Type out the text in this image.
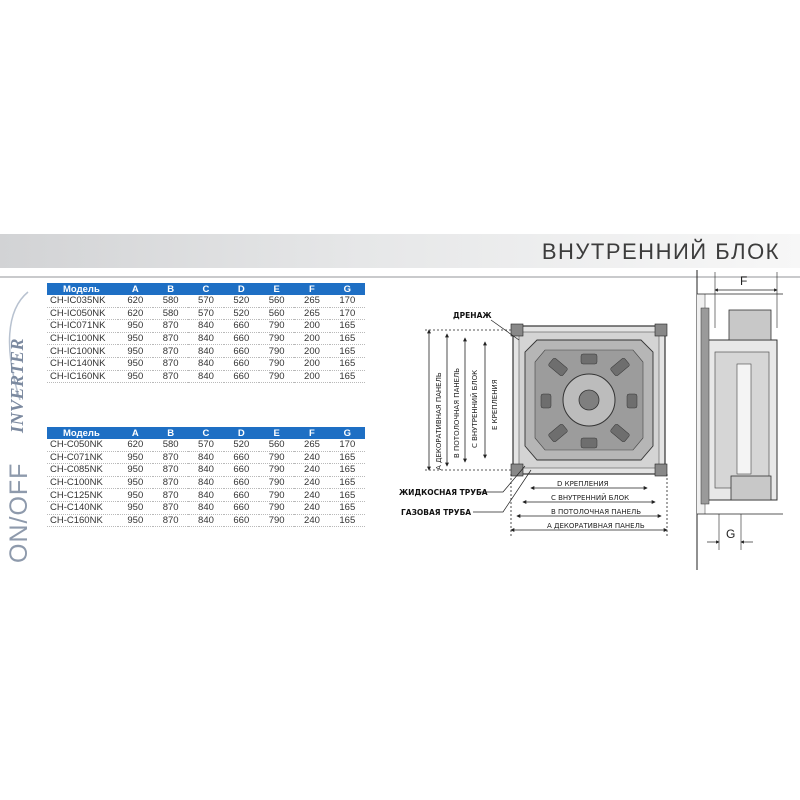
ВНУТРЕННИЙ БЛОК
INVERTER
ON/OFF
Модель	A	B	C	D	E	F	G
CH-IC035NK	620	580	570	520	560	265	170
CH-IC050NK	620	580	570	520	560	265	170
CH-IC071NK	950	870	840	660	790	200	165
CH-IC100NK	950	870	840	660	790	200	165
CH-IC100NK	950	870	840	660	790	200	165
CH-IC140NK	950	870	840	660	790	200	165
CH-IC160NK	950	870	840	660	790	200	165
Модель	A	B	C	D	E	F	G
CH-C050NK	620	580	570	520	560	265	170
CH-C071NK	950	870	840	660	790	240	165
CH-C085NK	950	870	840	660	790	240	165
CH-C100NK	950	870	840	660	790	240	165
CH-C125NK	950	870	840	660	790	240	165
CH-C140NK	950	870	840	660	790	240	165
CH-C160NK	950	870	840	660	790	240	165
A ДЕКОРАТИВНАЯ ПАНЕЛЬ B ПОТОЛОЧНАЯ ПАНЕЛЬ C ВНУТРЕННИЙ БЛОК E КРЕПЛЕНИЯ
ДРЕНАЖ
ЖИДКОСНАЯ ТРУБА
ГАЗОВАЯ ТРУБА
D КРЕПЛЕНИЯ
C ВНУТРЕННИЙ БЛОК
B ПОТОЛОЧНАЯ ПАНЕЛЬ
A ДЕКОРАТИВНАЯ ПАНЕЛЬ
F
G
